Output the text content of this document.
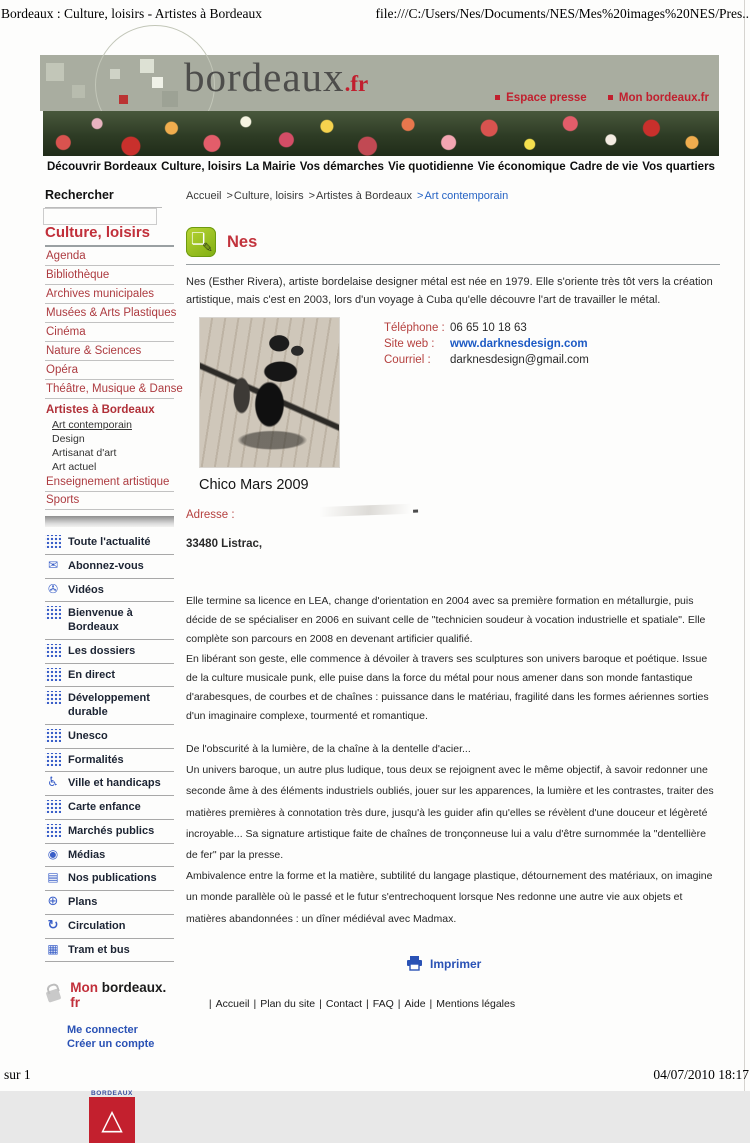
Bordeaux : Culture, loisirs - Artistes à Bordeaux	file:///C:/Users/Nes/Documents/NES/Mes%20images%20NES/Pres..
bordeaux.fr
Espace presse	Mon bordeaux.fr
Découvrir Bordeaux Culture, loisirs La Mairie Vos démarches Vie quotidienne Vie économique Cadre de vie Vos quartiers
Rechercher	Accueil >Culture, loisirs >Artistes à Bordeaux >Art contemporain
Culture, loisirs
Agenda
Bibliothèque
Archives municipales
Musées & Arts Plastiques
Cinéma
Nature & Sciences
Opéra
Théâtre, Musique & Danse
Artistes à Bordeaux
Art contemporain
Design
Artisanat d'art
Art actuel
Enseignement artistique
Sports
Toute l'actualité
✉
Abonnez-vous
✇
Vidéos
Bienvenue à Bordeaux
Les dossiers
En direct
Développement durable
Unesco
Formalités
♿
Ville et handicaps
Carte enfance
Marchés publics
◉
Médias
▤
Nos publications
⊕
Plans
↻
Circulation
▦
Tram et bus
Mon bordeaux. fr
Me connecter
Créer un compte
BORDEAUX
△
❏ ✎
Nes

Nes (Esther Rivera), artiste bordelaise designer métal est née en 1979. Elle s'oriente très tôt vers la création artistique, mais c'est en 2003, lors d'un voyage à Cuba qu'elle découvre l'art de travailler le métal.

Chico Mars 2009
Téléphone : 06 65 10 18 63
Site web :	www.darknesdesign.com
Courriel :	darknesdesign@gmail.com
Adresse :
33480 Listrac,

Elle termine sa licence en LEA, change d'orientation en 2004 avec sa première formation en métallurgie, puis décide de se spécialiser en 2006 en suivant celle de "technicien soudeur à vocation industrielle et spatiale". Elle complète son parcours en 2008 en devenant artificier qualifié.

En libérant son geste, elle commence à dévoiler à travers ses sculptures son univers baroque et poétique. Issue de la culture musicale punk, elle puise dans la force du métal pour nous amener dans son monde fantastique d'arabesques, de courbes et de chaînes : puissance dans le matériau, fragilité dans les formes aériennes sorties d'un imaginaire complexe, tourmenté et romantique.

De l'obscurité à la lumière, de la chaîne à la dentelle d'acier...

Un univers baroque, un autre plus ludique, tous deux se rejoignent avec le même objectif, à savoir redonner une seconde âme à des éléments industriels oubliés, jouer sur les apparences, la lumière et les contrastes, traiter des matières premières à connotation très dure, jusqu'à les guider afin qu'elles se révèlent d'une douceur et légèreté incroyable... Sa signature artistique faite de chaînes de tronçonneuse lui a valu d'être surnommée la "dentellière de fer" par la presse.

Ambivalence entre la forme et la matière, subtilité du langage plastique, détournement des matériaux, on imagine un monde parallèle où le passé et le futur s'entrechoquent lorsque Nes redonne une autre vie aux objets et matières abandonnées : un dîner médiéval avec Madmax.

Imprimer
| Accueil | Plan du site | Contact | FAQ | Aide | Mentions légales
sur 1	04/07/2010 18:17
